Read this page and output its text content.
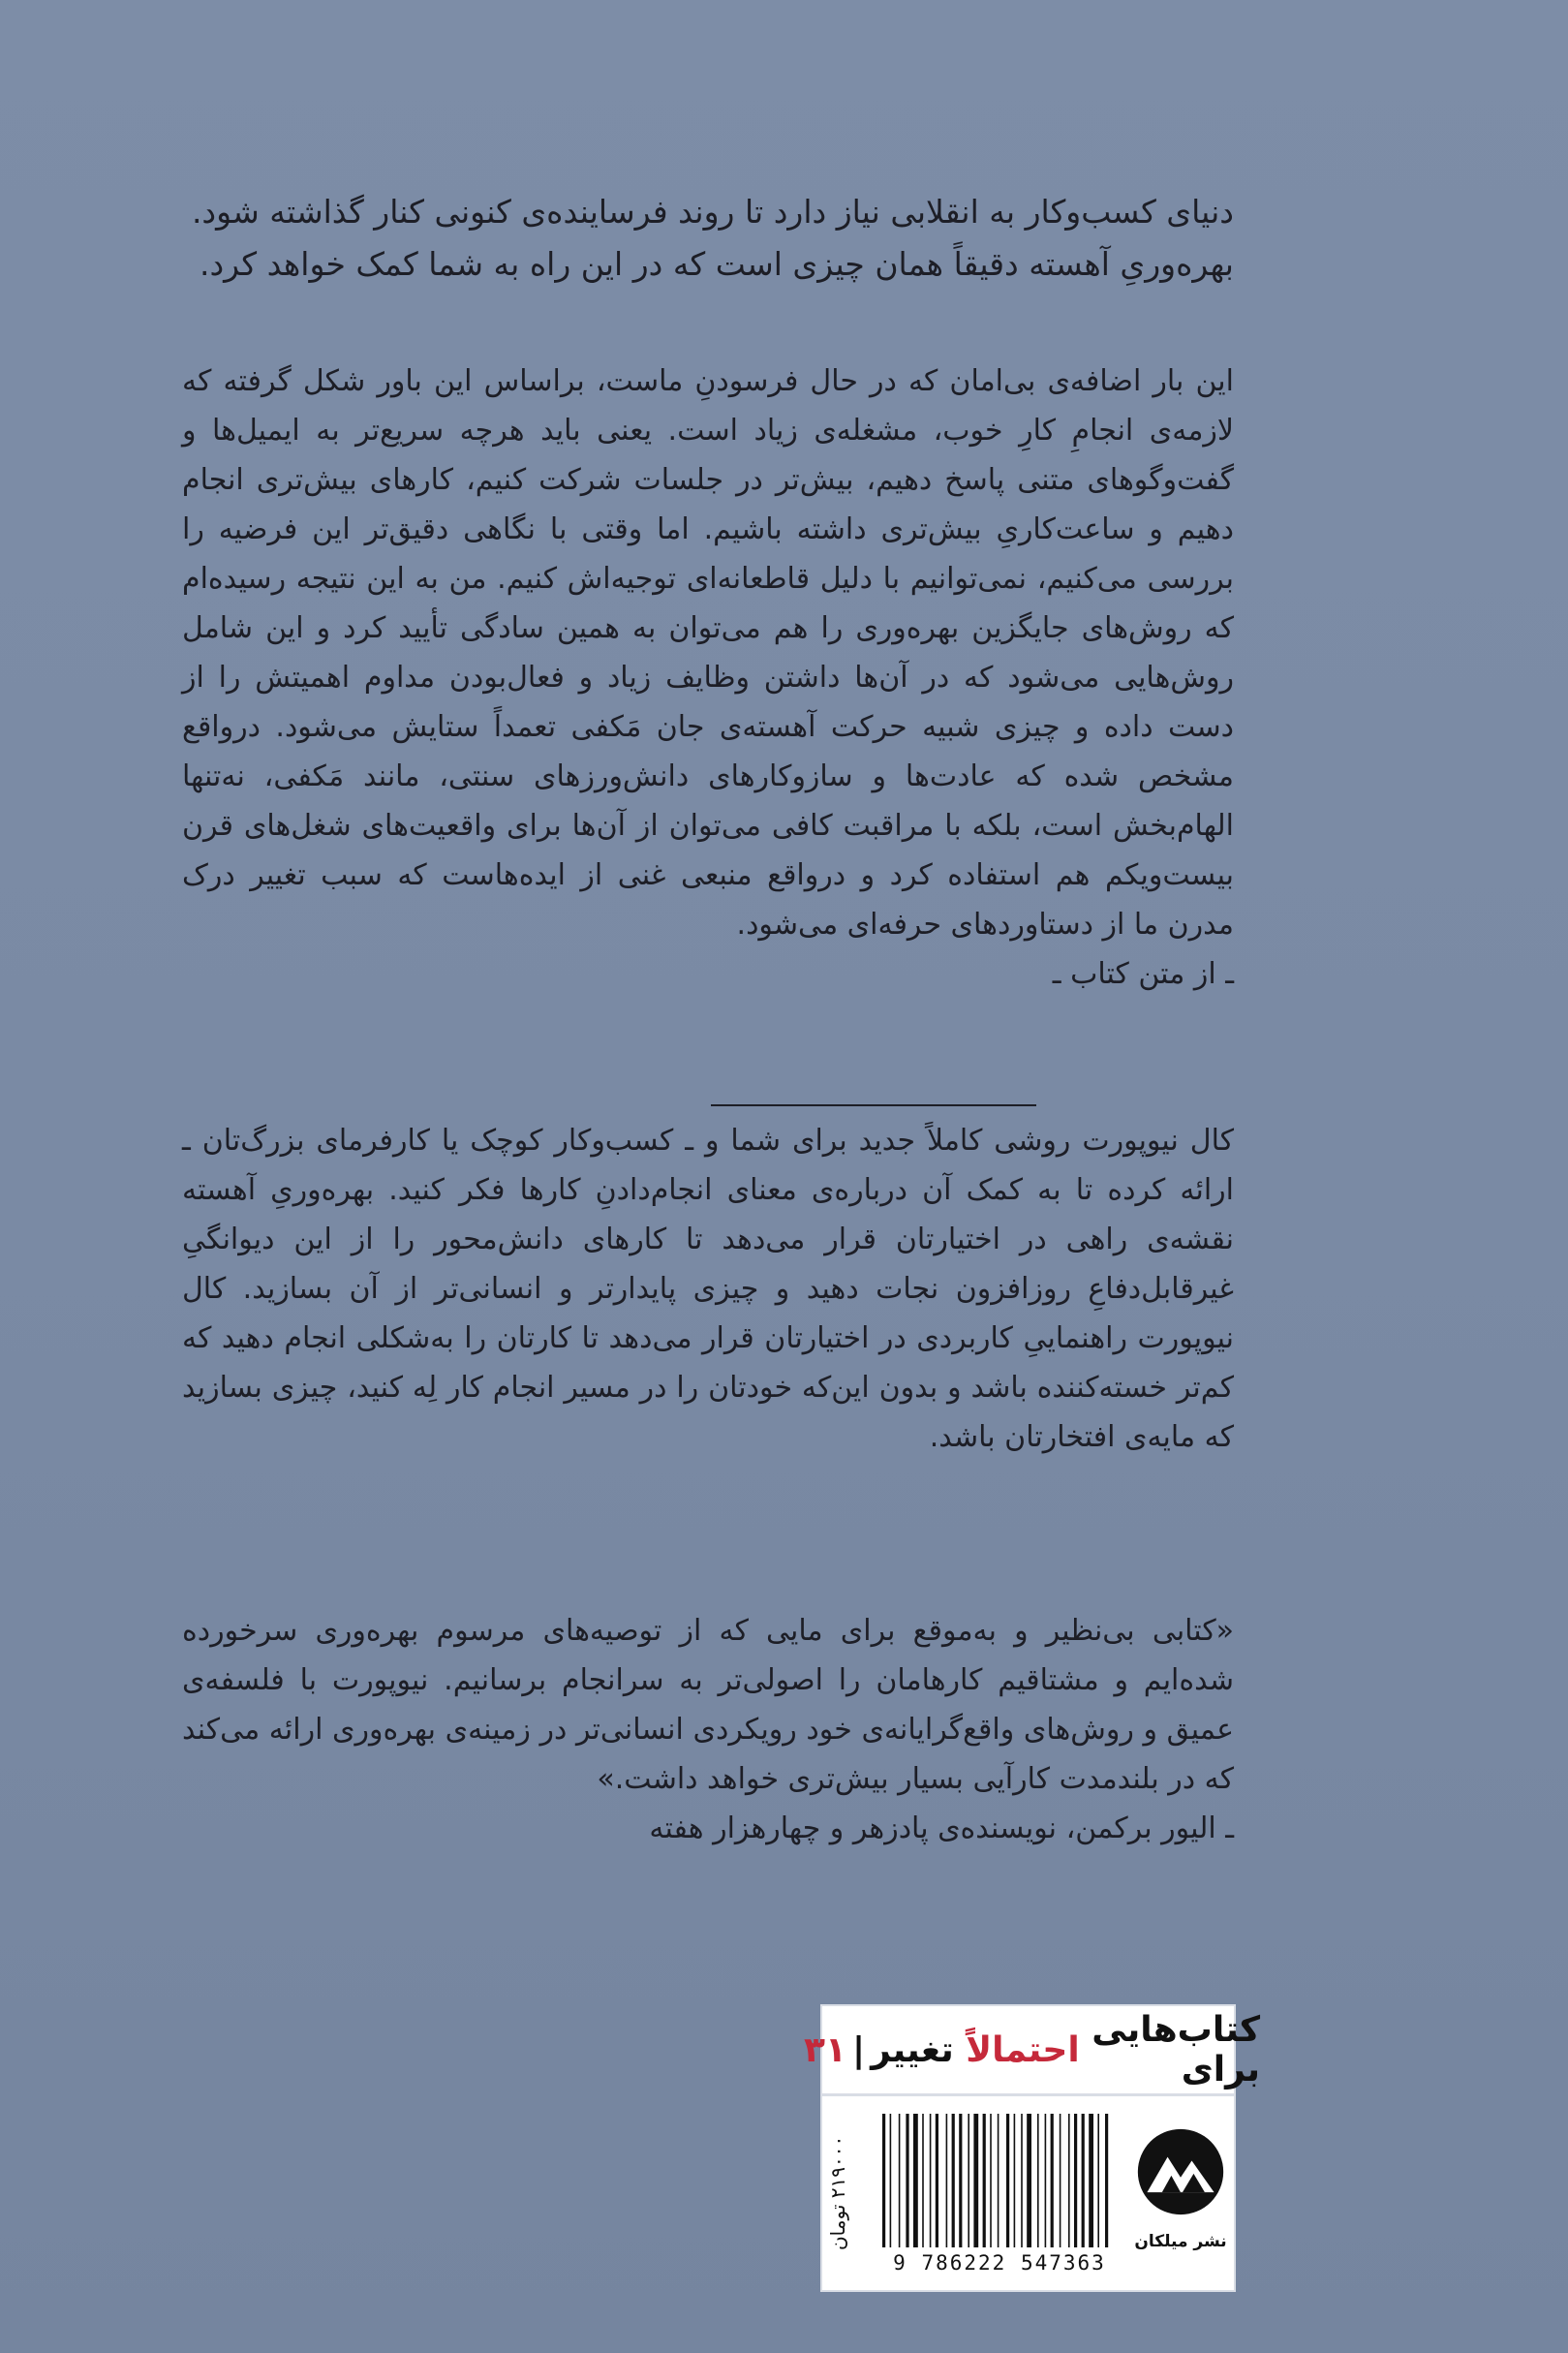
دنیای کسب‌وکار به انقلابی نیاز دارد تا روند فرساینده‌ی کنونی کنار گذاشته شود.

بهره‌وریِ آهسته دقیقاً همان چیزی است که در این راه به شما کمک خواهد کرد.

این بار اضافه‌ی بی‌امان که در حال فرسودنِ ماست، براساس این باور شکل گرفته که لازمه‌ی انجامِ کارِ خوب، مشغله‌ی زیاد است. یعنی باید هرچه سریع‌تر به ایمیل‌ها و گفت‌وگوهای متنی پاسخ دهیم، بیش‌تر در جلسات شرکت کنیم، کارهای بیش‌تری انجام دهیم و ساعت‌کاریِ بیش‌تری داشته باشیم. اما وقتی با نگاهی دقیق‌تر این فرضیه را بررسی می‌کنیم، نمی‌توانیم با دلیل قاطعانه‌ای توجیه‌اش کنیم. من به این نتیجه رسیده‌ام که روش‌های جایگزین بهره‌وری را هم می‌توان به همین سادگی تأیید کرد و این شامل روش‌هایی می‌شود که در آن‌ها داشتن وظایف زیاد و فعال‌بودن مداوم اهمیتش را از دست داده و چیزی شبیه حرکت آهسته‌ی جان مَکفی تعمداً ستایش می‌شود. درواقع مشخص شده که عادت‌ها و سازوکارهای دانش‌ورزهای سنتی، مانند مَکفی، نه‌تنها الهام‌بخش است، بلکه با مراقبت کافی می‌توان از آن‌ها برای واقعیت‌های شغل‌های قرن بیست‌ویکم هم استفاده کرد و درواقع منبعی غنی از ایده‌هاست که سبب تغییر درک مدرن ما از دستاوردهای حرفه‌ای می‌شود.

ـ از متن کتاب ـ

کال نیوپورت روشی کاملاً جدید برای شما و ـ کسب‌وکار کوچک یا کارفرمای بزرگ‌تان ـ ارائه کرده تا به کمک آن درباره‌ی معنای انجام‌دادنِ کارها فکر کنید. بهره‌وریِ آهسته نقشه‌ی راهی در اختیارتان قرار می‌دهد تا کارهای دانش‌محور را از این دیوانگیِ غیرقابل‌دفاعِ روزافزون نجات دهید و چیزی پایدارتر و انسانی‌تر از آن بسازید. کال نیوپورت راهنماییِ کاربردی در اختیارتان قرار می‌دهد تا کارتان را به‌شکلی انجام دهید که کم‌تر خسته‌کننده باشد و بدون این‌که خودتان را در مسیر انجام کار لِه کنید، چیزی بسازید که مایه‌ی افتخارتان باشد.

«کتابی بی‌نظیر و به‌موقع برای مایی که از توصیه‌های مرسوم بهره‌وری سرخورده شده‌ایم و مشتاقیم کارهامان را اصولی‌تر به سرانجام برسانیم. نیوپورت با فلسفه‌ی عمیق و روش‌های واقع‌گرایانه‌ی خود رویکردی انسانی‌تر در زمینه‌ی بهره‌وری ارائه می‌کند که در بلندمدت کارآیی بسیار بیش‌تری خواهد داشت.»

ـ الیور برکمن، نویسنده‌ی پادزهر و چهارهزار هفته

کتاب‌هایی برای

احتمالاً

تغییر
|
۳۱
۲۱۹۰۰۰ تومان
9 786222 547363
نشر میلکان
